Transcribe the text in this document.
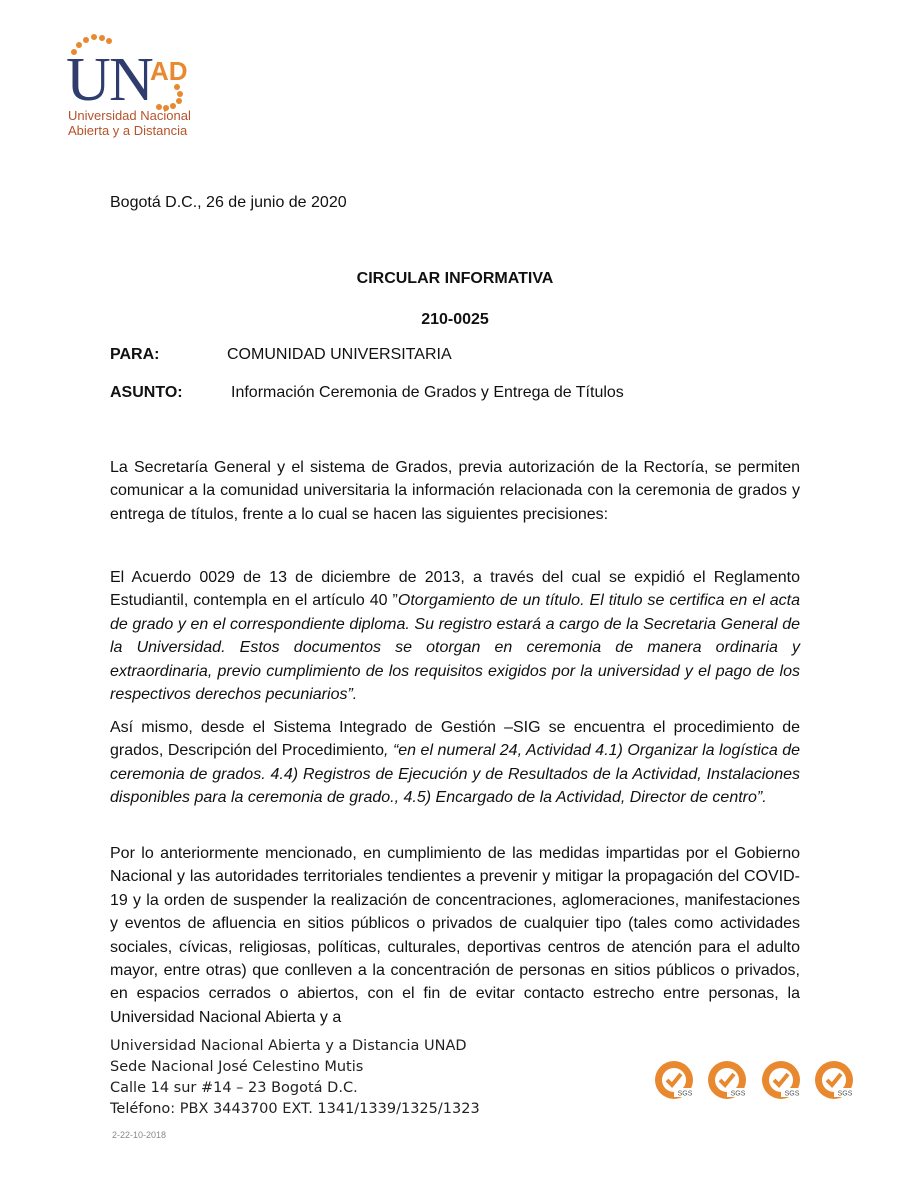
U
N
AD
Universidad Nacional
Abierta y a Distancia
Bogotá D.C., 26 de junio de 2020
CIRCULAR INFORMATIVA
210-0025
PARA:	COMUNIDAD UNIVERSITARIA
ASUNTO:	Información Ceremonia de Grados y Entrega de Títulos

La Secretaría General y el sistema de Grados, previa autorización de la Rectoría, se permiten comunicar a la comunidad universitaria la información relacionada con la ceremonia de grados y entrega de títulos, frente a lo cual se hacen las siguientes precisiones:

El Acuerdo 0029 de 13 de diciembre de 2013, a través del cual se expidió el Reglamento Estudiantil, contempla en el artículo 40 ”Otorgamiento de un título. El titulo se certifica en el acta de grado y en el correspondiente diploma. Su registro estará a cargo de la Secretaria General de la Universidad. Estos documentos se otorgan en ceremonia de manera ordinaria y extraordinaria, previo cumplimiento de los requisitos exigidos por la universidad y el pago de los respectivos derechos pecuniarios”.

Así mismo, desde el Sistema Integrado de Gestión –SIG se encuentra el procedimiento de grados, Descripción del Procedimiento, “en el numeral 24, Actividad 4.1) Organizar la logística de ceremonia de grados. 4.4) Registros de Ejecución y de Resultados de la Actividad, Instalaciones disponibles para la ceremonia de grado., 4.5) Encargado de la Actividad, Director de centro”.

Por lo anteriormente mencionado, en cumplimiento de las medidas impartidas por el Gobierno Nacional y las autoridades territoriales tendientes a prevenir y mitigar la propagación del COVID-19 y la orden de suspender la realización de concentraciones, aglomeraciones, manifestaciones y eventos de afluencia en sitios públicos o privados de cualquier tipo (tales como actividades sociales, cívicas, religiosas, políticas, culturales, deportivas centros de atención para el adulto mayor, entre otras) que conlleven a la concentración de personas en sitios públicos o privados, en espacios cerrados o abiertos, con el fin de evitar contacto estrecho entre personas, la Universidad Nacional Abierta y a

Universidad Nacional Abierta y a Distancia UNAD
Sede Nacional José Celestino Mutis
Calle 14 sur #14 – 23 Bogotá D.C.
Teléfono: PBX 3443700 EXT. 1341/1339/1325/1323
2-22-10-2018
SGS	SGS	SGS	SGS
